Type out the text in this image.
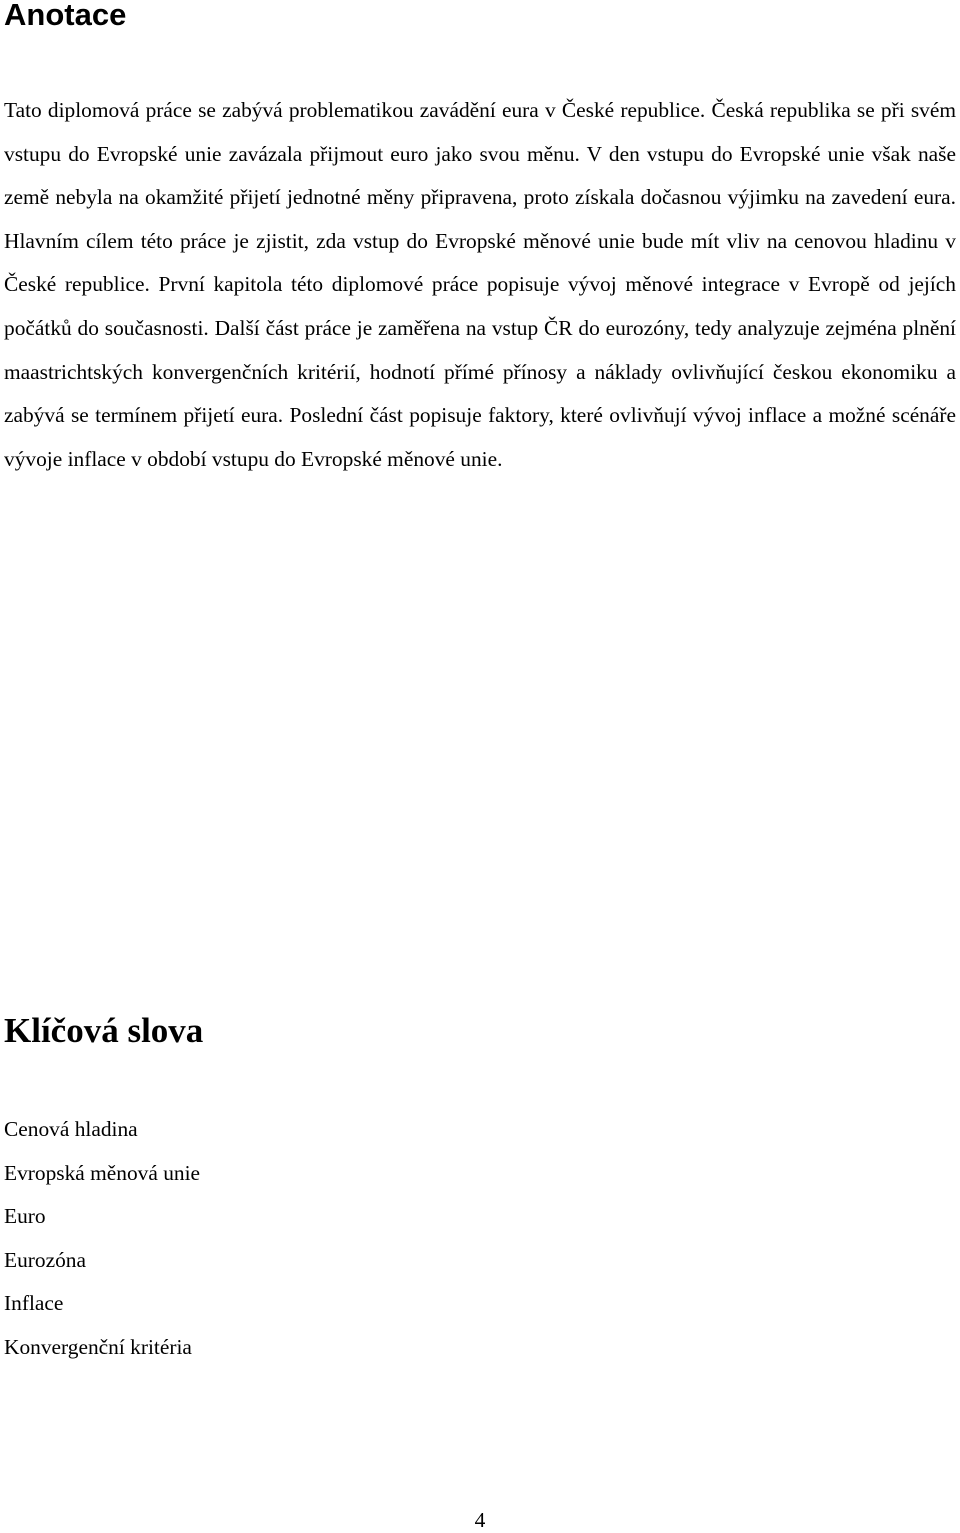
Anotace

Tato diplomová práce se zabývá problematikou zavádění eura v České republice. Česká republika se při svém vstupu do Evropské unie zavázala přijmout euro jako svou měnu. V den vstupu do Evropské unie však naše země nebyla na okamžité přijetí jednotné měny připravena, proto získala dočasnou výjimku na zavedení eura. Hlavním cílem této práce je zjistit, zda vstup do Evropské měnové unie bude mít vliv na cenovou hladinu v České republice. První kapitola této diplomové práce popisuje vývoj měnové integrace v Evropě od jejích počátků do současnosti. Další část práce je zaměřena na vstup ČR do eurozóny, tedy analyzuje zejména plnění maastrichtských konvergenčních kritérií, hodnotí přímé přínosy a náklady ovlivňující českou ekonomiku a zabývá se termínem přijetí eura. Poslední část popisuje faktory, které ovlivňují vývoj inflace a možné scénáře vývoje inflace v období vstupu do Evropské měnové unie.

Klíčová slova
Cenová hladina
Evropská měnová unie
Euro
Eurozóna
Inflace
Konvergenční kritéria
4
